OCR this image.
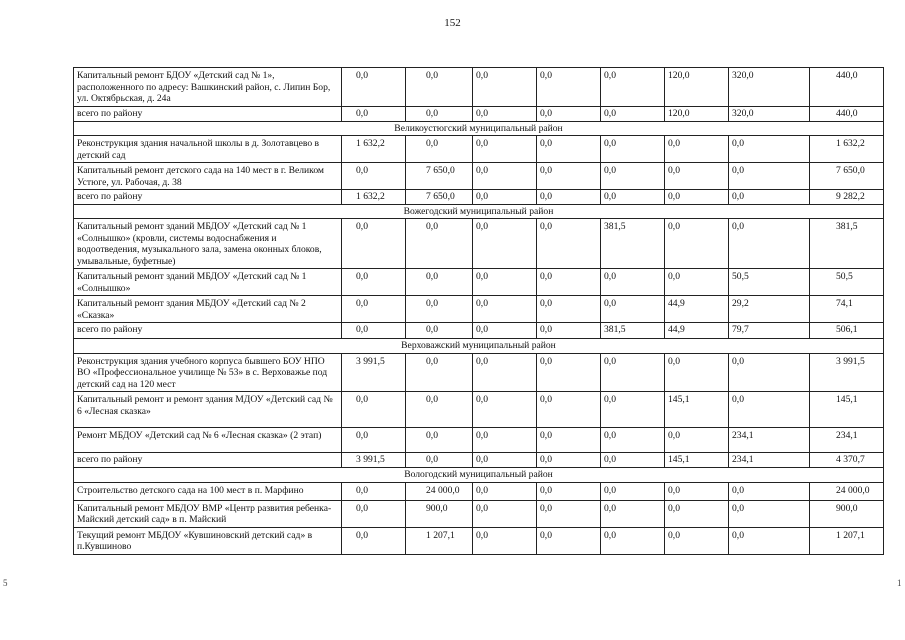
152
5	1
Капитальный ремонт БДОУ «Детский сад № 1», расположенного по адресу: Вашкинский район, с. Липин Бор, ул. Октябрьская, д. 24а	0,0	0,0	0,0	0,0	0,0	120,0	320,0	440,0
всего по району	0,0	0,0	0,0	0,0	0,0	120,0	320,0	440,0
Великоустюгский муниципальный район								
Реконструкция здания начальной школы в д. Золотавцево в детский сад	1 632,2	0,0	0,0	0,0	0,0	0,0	0,0	1 632,2
Капитальный ремонт детского сада на 140 мест в г. Великом Устюге, ул. Рабочая, д. 38	0,0	7 650,0	0,0	0,0	0,0	0,0	0,0	7 650,0
всего по району	1 632,2	7 650,0	0,0	0,0	0,0	0,0	0,0	9 282,2
Вожегодский муниципальный район								
Капитальный ремонт зданий МБДОУ «Детский сад № 1 «Солнышко» (кровли, системы водоснабжения и водоотведения, музыкального зала, замена оконных блоков, умывальные, буфетные)	0,0	0,0	0,0	0,0	381,5	0,0	0,0	381,5
Капитальный ремонт зданий МБДОУ «Детский сад № 1 «Солнышко»	0,0	0,0	0,0	0,0	0,0	0,0	50,5	50,5
Капитальный ремонт здания МБДОУ «Детский сад № 2 «Сказка»	0,0	0,0	0,0	0,0	0,0	44,9	29,2	74,1
всего по району	0,0	0,0	0,0	0,0	381,5	44,9	79,7	506,1
Верховажский муниципальный район								
Реконструкция здания учебного корпуса бывшего БОУ НПО ВО «Профессиональное училище № 53» в с. Верховажье под детский сад на 120 мест	3 991,5	0,0	0,0	0,0	0,0	0,0	0,0	3 991,5
Капитальный ремонт и ремонт здания МДОУ «Детский сад № 6 «Лесная сказка»	0,0	0,0	0,0	0,0	0,0	145,1	0,0	145,1
Ремонт МБДОУ «Детский сад № 6 «Лесная сказка» (2 этап)	0,0	0,0	0,0	0,0	0,0	0,0	234,1	234,1
всего по району	3 991,5	0,0	0,0	0,0	0,0	145,1	234,1	4 370,7
Вологодский муниципальный район								
Строительство детского сада на 100 мест в п. Марфино	0,0	24 000,0	0,0	0,0	0,0	0,0	0,0	24 000,0
Капитальный ремонт МБДОУ ВМР «Центр развития ребенка-Майский детский сад» в п. Майский	0,0	900,0	0,0	0,0	0,0	0,0	0,0	900,0
Текущий ремонт МБДОУ «Кувшиновский детский сад» в п.Кувшиново	0,0	1 207,1	0,0	0,0	0,0	0,0	0,0	1 207,1
